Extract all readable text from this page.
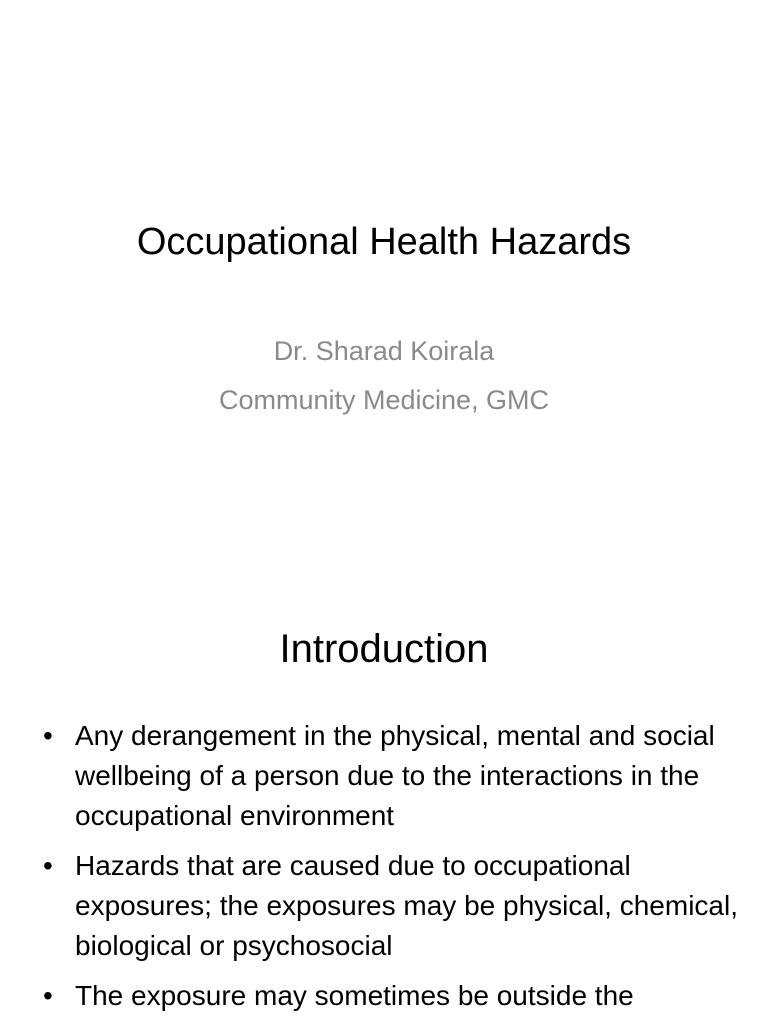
Occupational Health Hazards

Dr. Sharad Koirala

Community Medicine, GMC

Introduction
• Any derangement in the physical, mental and social wellbeing of a person due to the interactions in the occupational environment
• Hazards that are caused due to occupational exposures; the exposures may be physical, chemical, biological or psychosocial
• The exposure may sometimes be outside the
